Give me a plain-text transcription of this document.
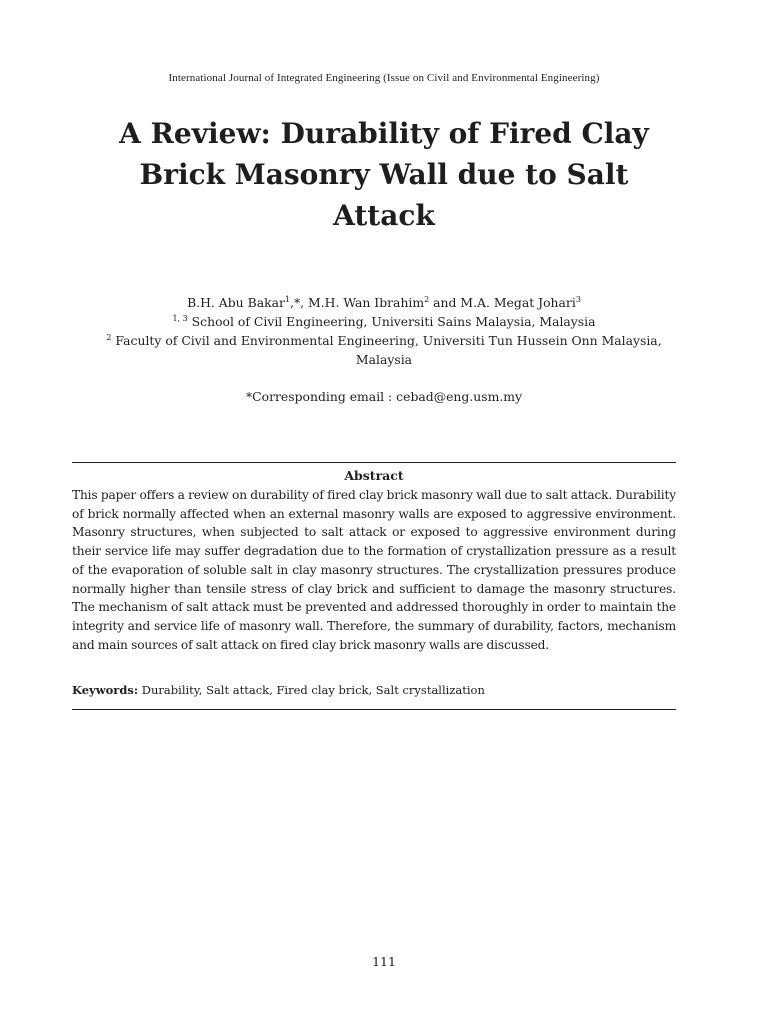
International Journal of Integrated Engineering (Issue on Civil and Environmental Engineering)
A Review: Durability of Fired Clay
Brick Masonry Wall due to Salt
Attack
B.H. Abu Bakar$^1$,*, M.H. Wan Ibrahim$^2$ and M.A. Megat Johari$^3$
$^{1, 3}$ School of Civil Engineering, Universiti Sains Malaysia, Malaysia
$^2$ Faculty of Civil and Environmental Engineering, Universiti Tun Hussein Onn Malaysia,
Malaysia
*Corresponding email : cebad@eng.usm.my
Abstract
This paper offers a review on durability of fired clay brick masonry wall due to salt attack. Durability of brick normally affected when an external masonry walls are exposed to aggressive environment. Masonry structures, when subjected to salt attack or exposed to aggressive environment during their service life may suffer degradation due to the formation of crystallization pressure as a result of the evaporation of soluble salt in clay masonry structures. The crystallization pressures produce normally higher than tensile stress of clay brick and sufficient to damage the masonry structures. The mechanism of salt attack must be prevented and addressed thoroughly in order to maintain the integrity and service life of masonry wall. Therefore, the summary of durability, factors, mechanism and main sources of salt attack on fired clay brick masonry walls are discussed.
Keywords: Durability, Salt attack, Fired clay brick, Salt crystallization
111
